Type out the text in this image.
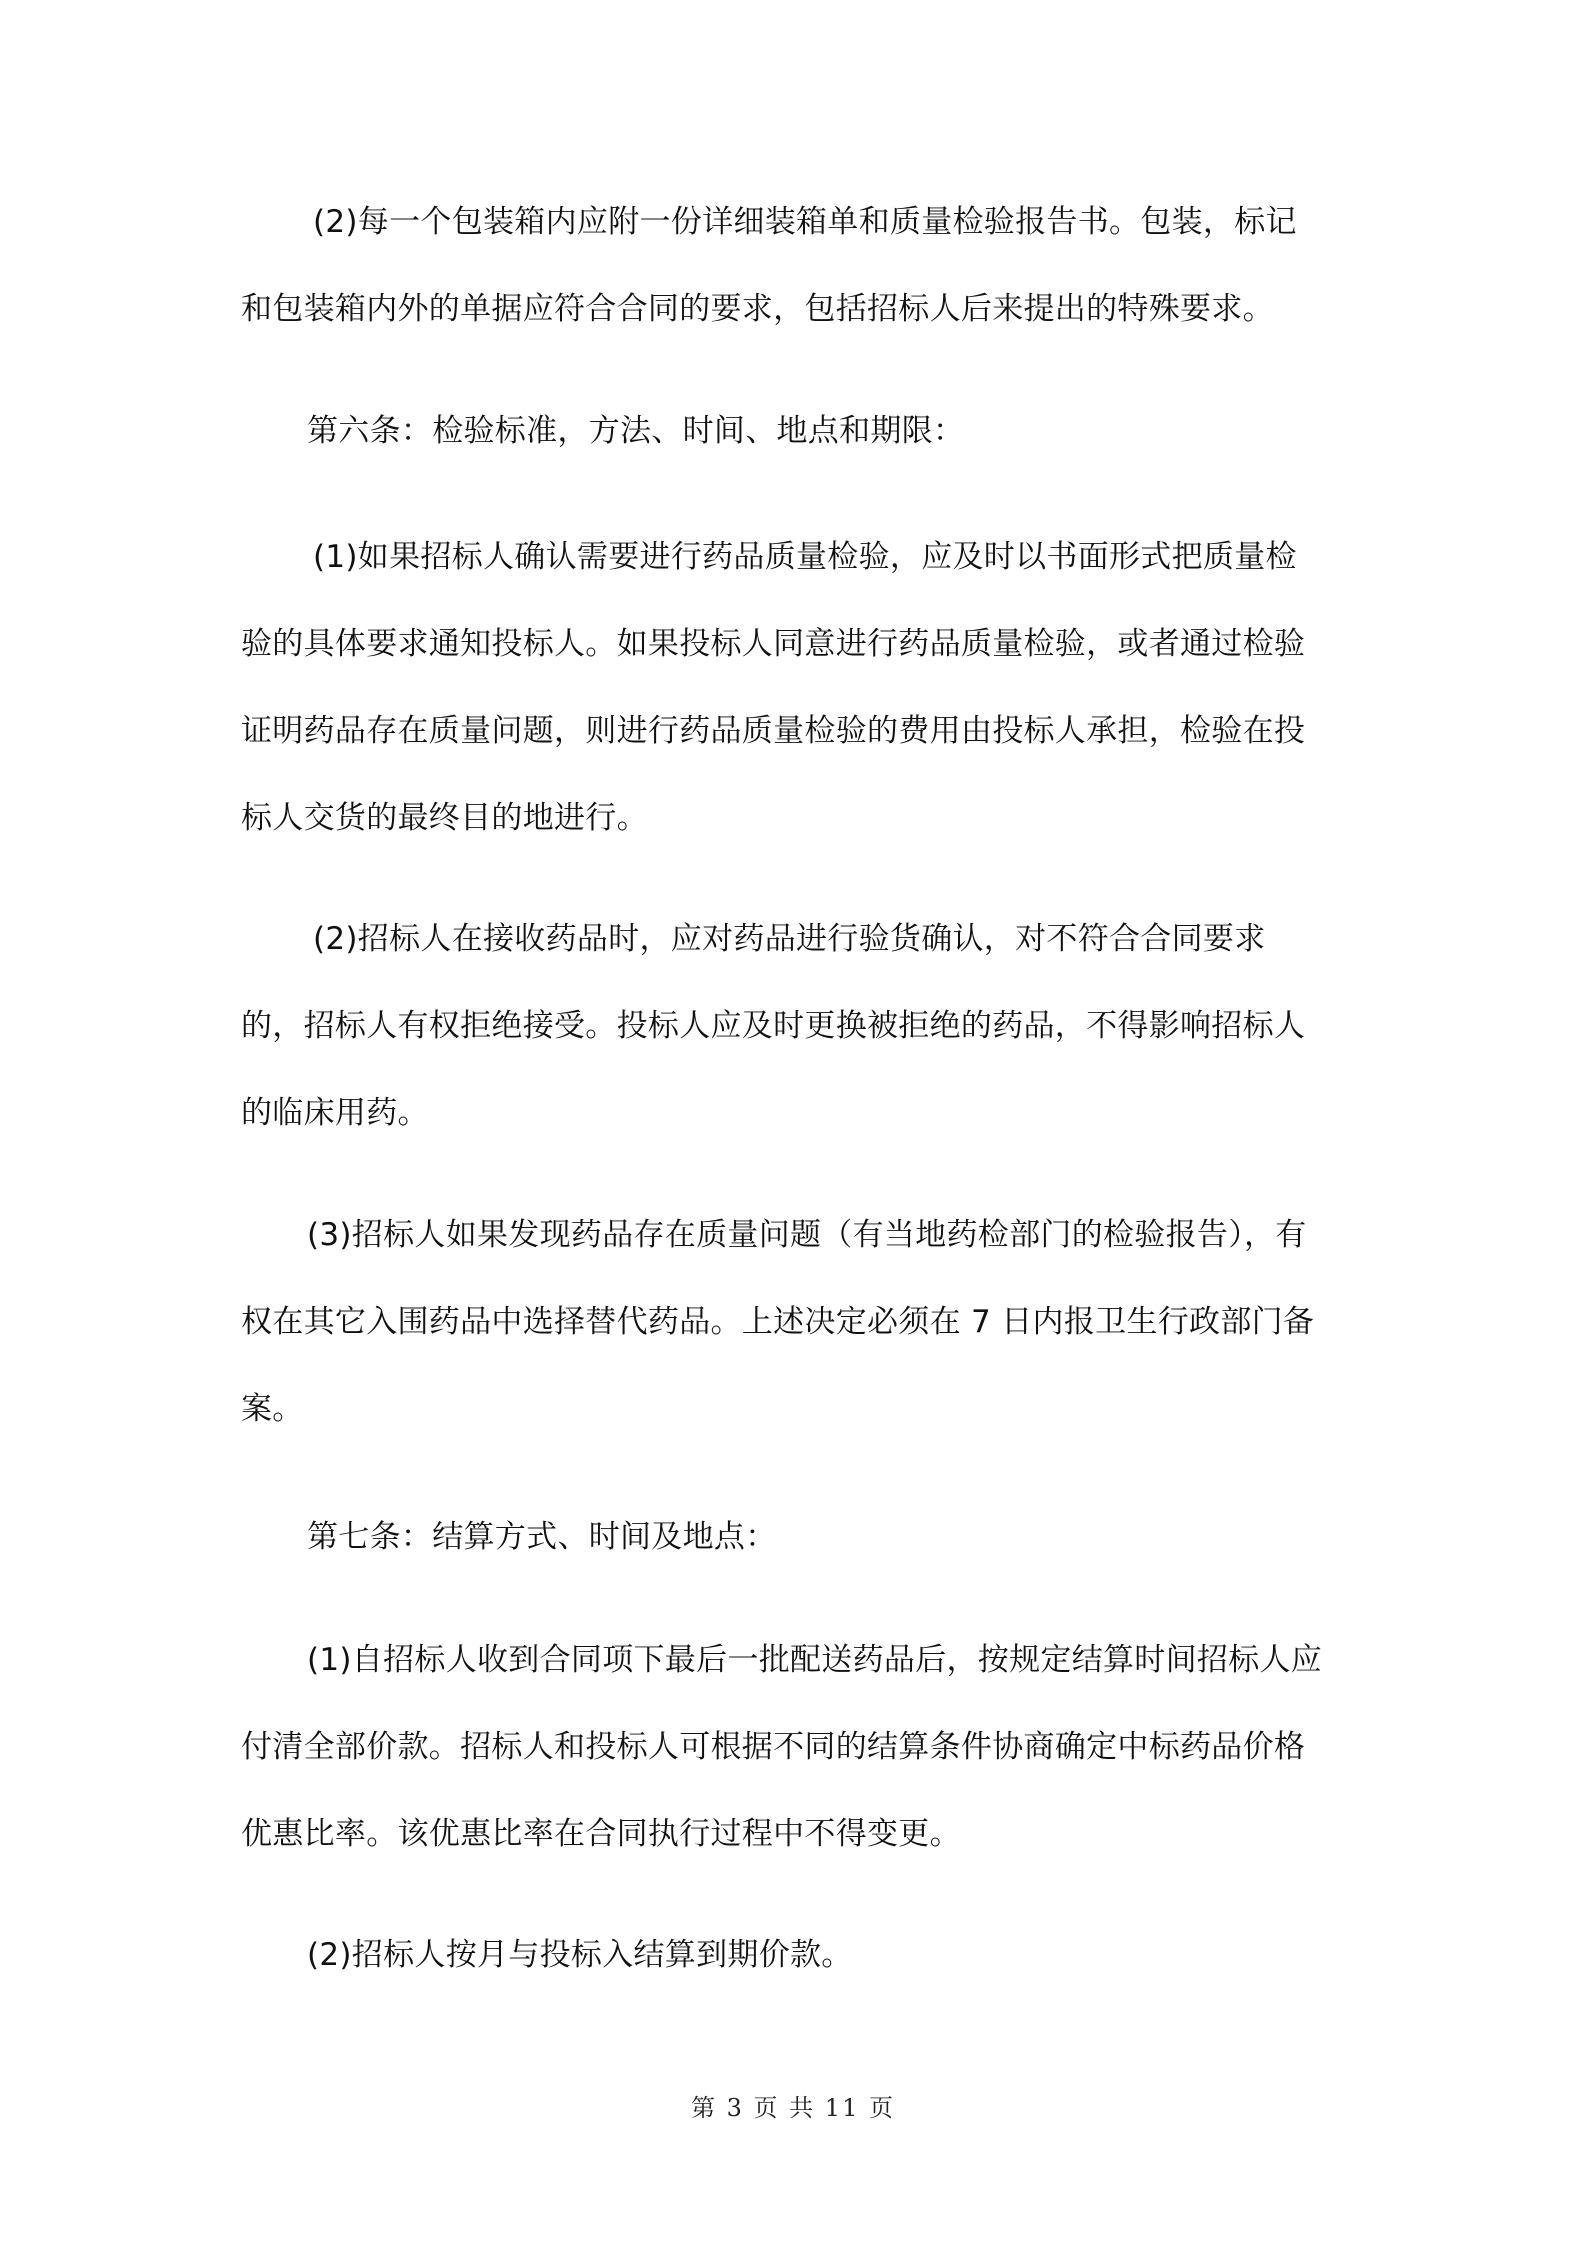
(2)每一个包装箱内应附一份详细装箱单和质量检验报告书。包装，标记
和包装箱内外的单据应符合合同的要求，包括招标人后来提出的特殊要求。
第六条：检验标准，方法、时间、地点和期限：
(1)如果招标人确认需要进行药品质量检验，应及时以书面形式把质量检
验的具体要求通知投标人。如果投标人同意进行药品质量检验，或者通过检验
证明药品存在质量问题，则进行药品质量检验的费用由投标人承担，检验在投
标人交货的最终目的地进行。
(2)招标人在接收药品时，应对药品进行验货确认，对不符合合同要求
的，招标人有权拒绝接受。投标人应及时更换被拒绝的药品，不得影响招标人
的临床用药。
(3)招标人如果发现药品存在质量问题（有当地药检部门的检验报告），有
权在其它入围药品中选择替代药品。上述决定必须在 7 日内报卫生行政部门备
案。
第七条：结算方式、时间及地点：
(1)自招标人收到合同项下最后一批配送药品后，按规定结算时间招标人应
付清全部价款。招标人和投标人可根据不同的结算条件协商确定中标药品价格
优惠比率。该优惠比率在合同执行过程中不得变更。
(2)招标人按月与投标入结算到期价款。
第 3 页 共 11 页
